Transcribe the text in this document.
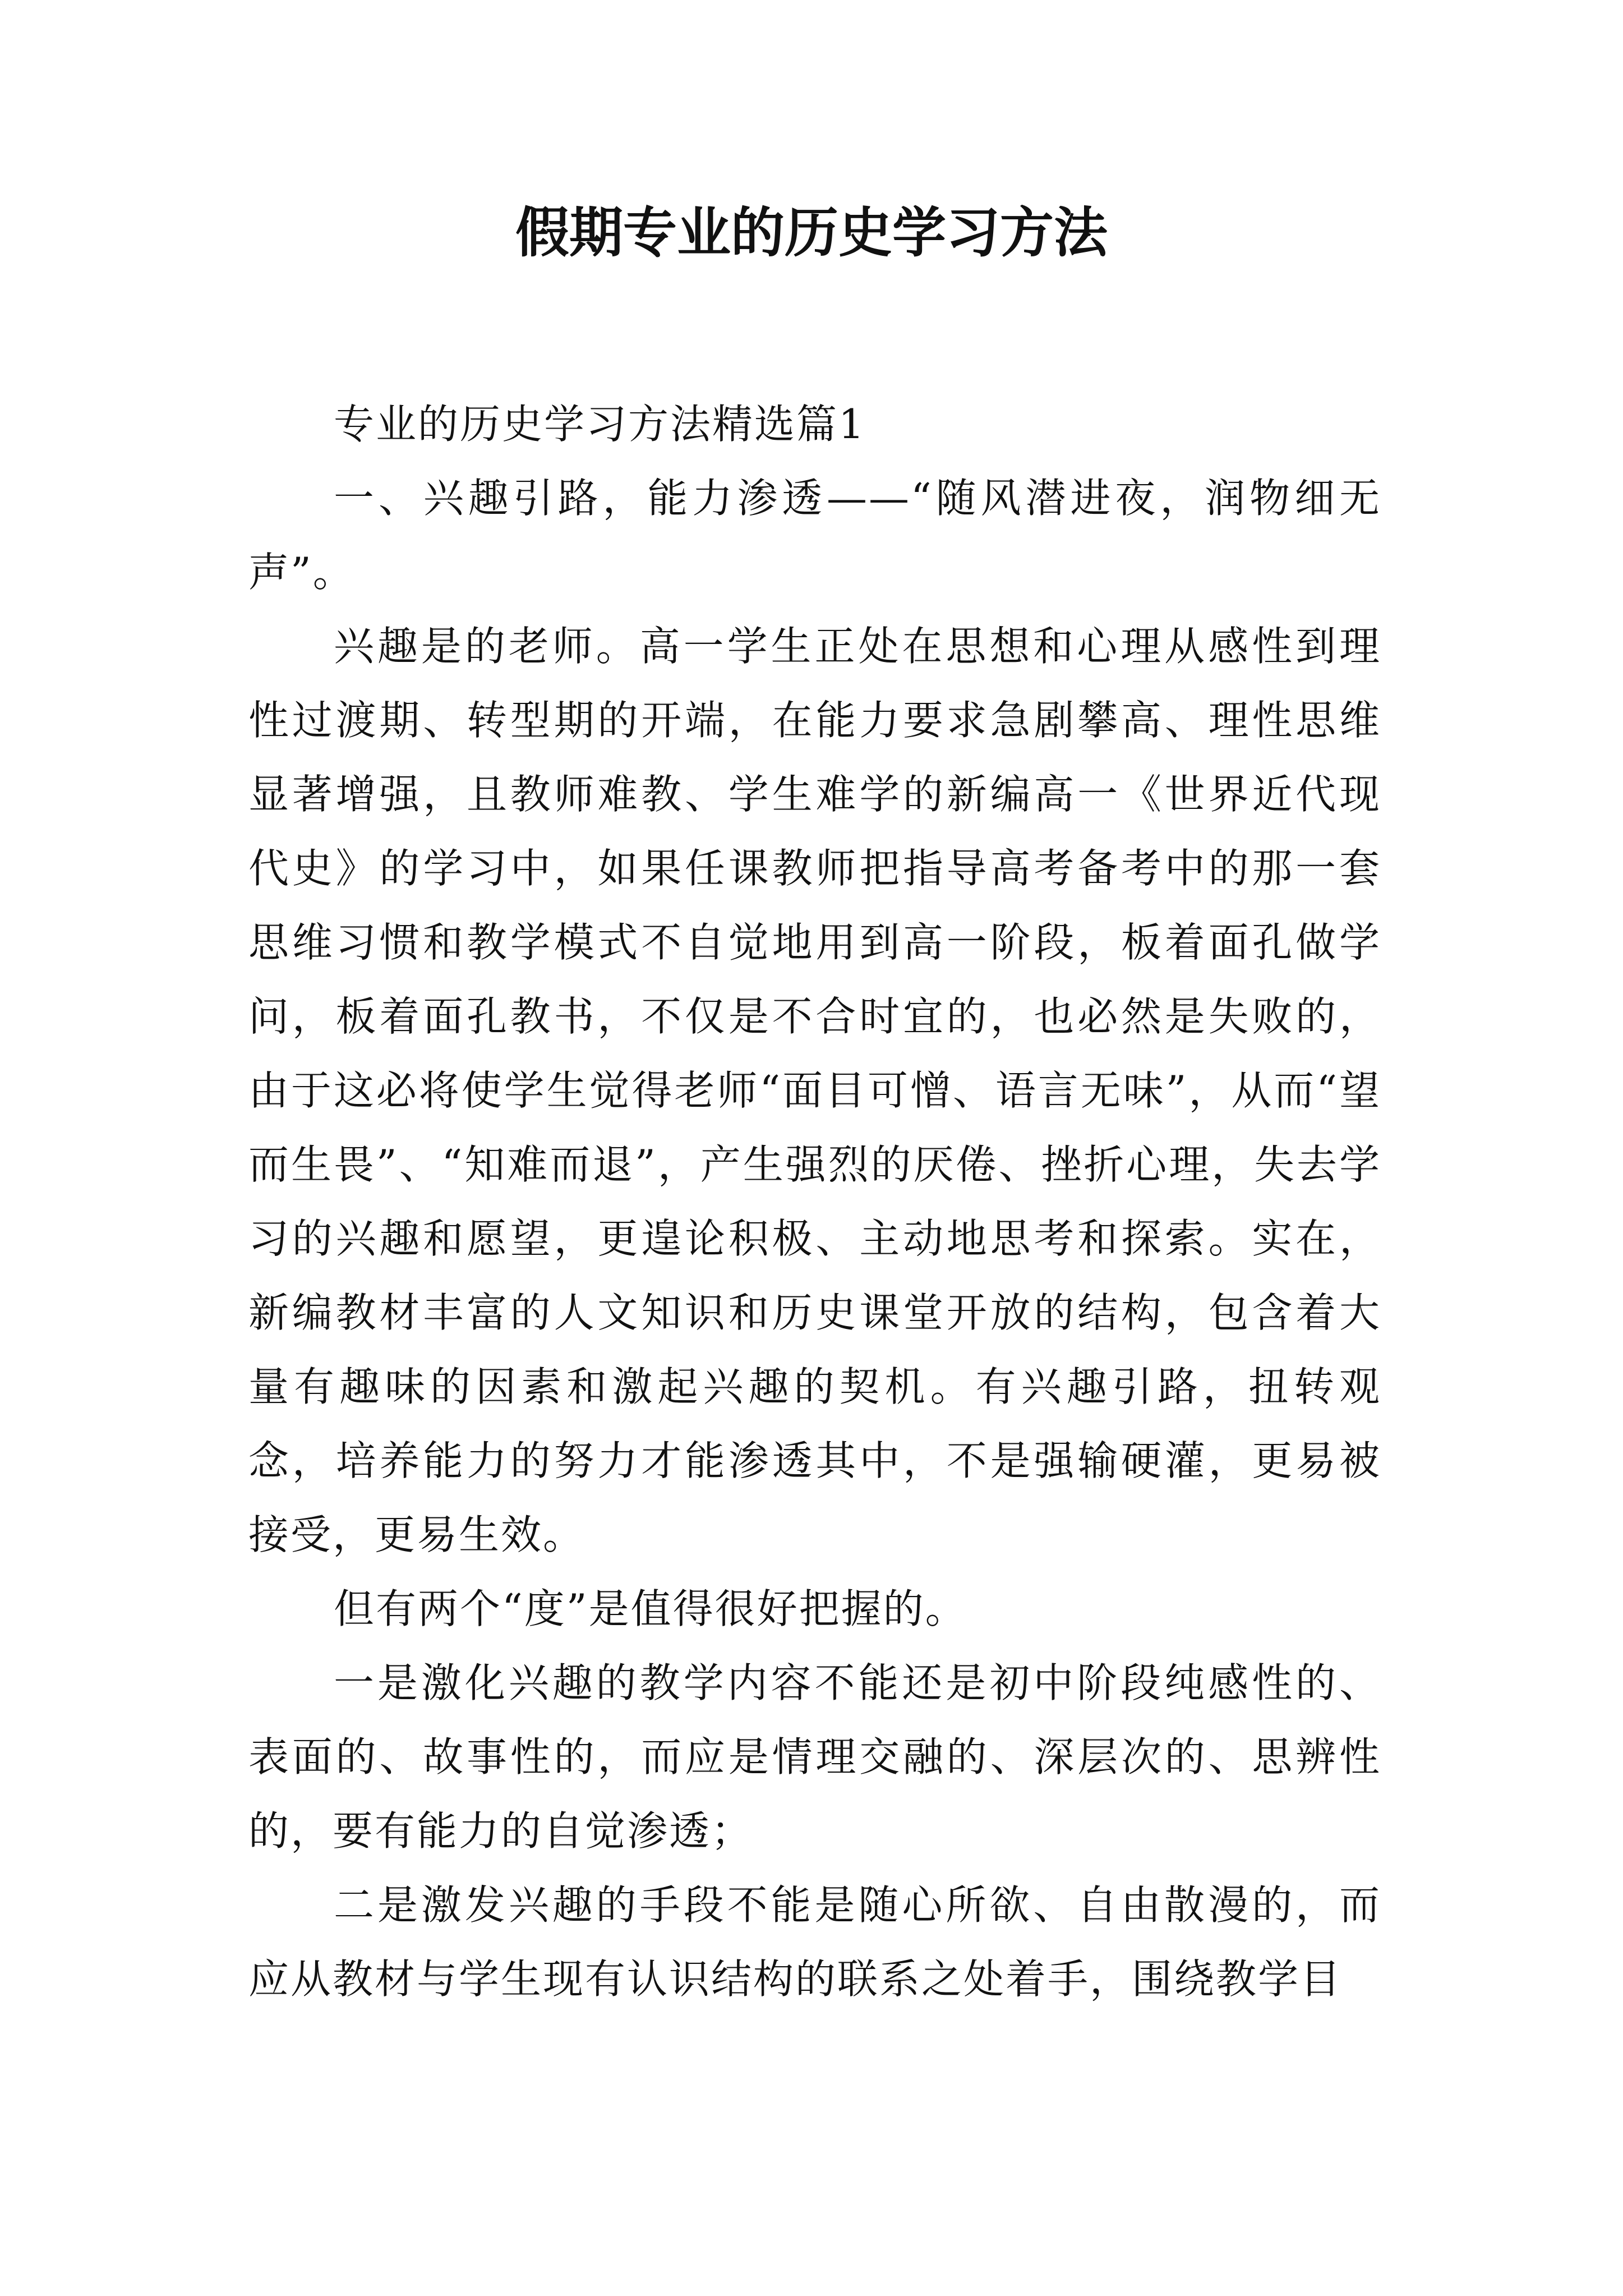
假期专业的历史学习方法

专业的历史学习方法精选篇1

一、兴趣引路，能力渗透——“随风潜进夜，润物细无声”。

兴趣是的老师。高一学生正处在思想和心理从感性到理性过渡期、转型期的开端，在能力要求急剧攀高、理性思维显著增强，且教师难教、学生难学的新编高一《世界近代现代史》的学习中，如果任课教师把指导高考备考中的那一套思维习惯和教学模式不自觉地用到高一阶段，板着面孔做学问，板着面孔教书，不仅是不合时宜的，也必然是失败的，由于这必将使学生觉得老师“面目可憎、语言无味”，从而“望而生畏”、“知难而退”，产生强烈的厌倦、挫折心理，失去学习的兴趣和愿望，更遑论积极、主动地思考和探索。实在，新编教材丰富的人文知识和历史课堂开放的结构，包含着大量有趣味的因素和激起兴趣的契机。有兴趣引路，扭转观念，培养能力的努力才能渗透其中，不是强输硬灌，更易被接受，更易生效。

但有两个“度”是值得很好把握的。

一是激化兴趣的教学内容不能还是初中阶段纯感性的、表面的、故事性的，而应是情理交融的、深层次的、思辨性的，要有能力的自觉渗透；

二是激发兴趣的手段不能是随心所欲、自由散漫的，而应从教材与学生现有认识结构的联系之处着手，围绕教学目
